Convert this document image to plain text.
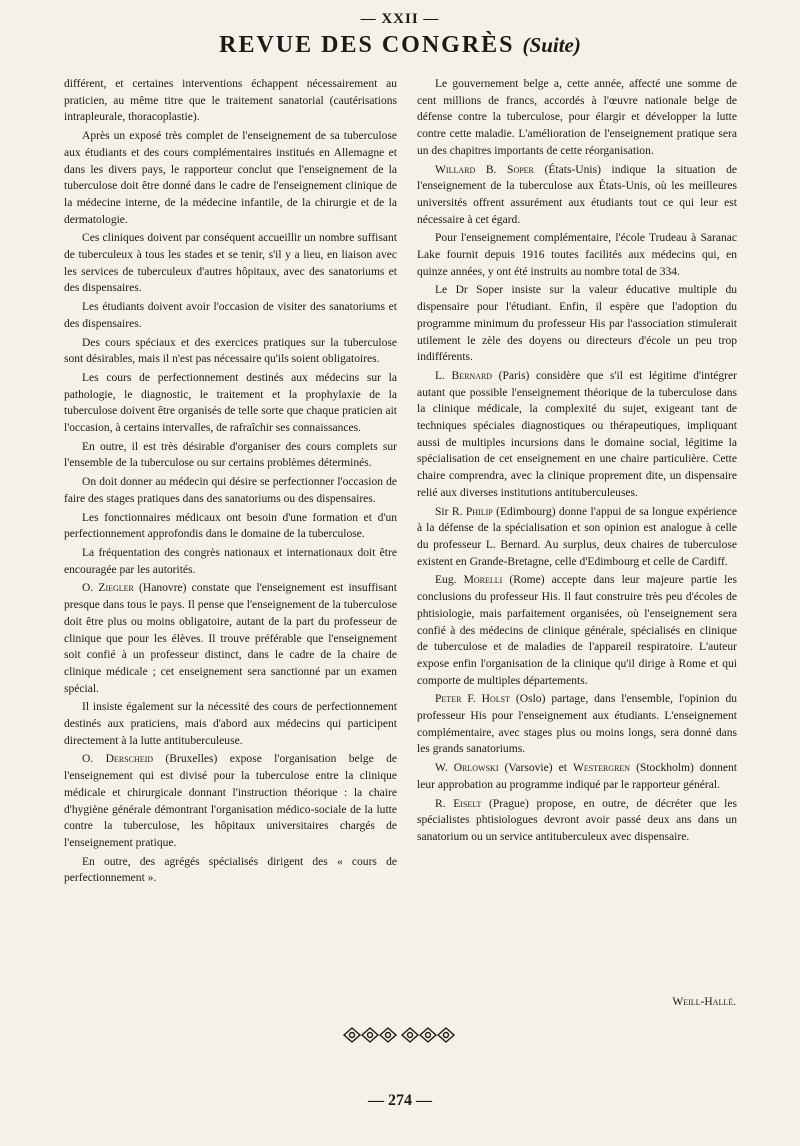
— XXII —
REVUE DES CONGRÈS (Suite)

différent, et certaines interventions échappent nécessairement au praticien, au même titre que le traitement sanatorial (cautérisations intrapleurale, thoracoplastie).

Après un exposé très complet de l'enseignement de sa tuberculose aux étudiants et des cours complémentaires institués en Allemagne et dans les divers pays, le rapporteur conclut que l'enseignement de la tuberculose doit être donné dans le cadre de l'enseignement clinique de la médecine interne, de la médecine infantile, de la chirurgie et de la dermatologie.

Ces cliniques doivent par conséquent accueillir un nombre suffisant de tuberculeux à tous les stades et se tenir, s'il y a lieu, en liaison avec les services de tuberculeux d'autres hôpitaux, avec des sanatoriums et des dispensaires.

Les étudiants doivent avoir l'occasion de visiter des sanatoriums et des dispensaires.

Des cours spéciaux et des exercices pratiques sur la tuberculose sont désirables, mais il n'est pas nécessaire qu'ils soient obligatoires.

Les cours de perfectionnement destinés aux médecins sur la pathologie, le diagnostic, le traitement et la prophylaxie de la tuberculose doivent être organisés de telle sorte que chaque praticien ait l'occasion, à certains intervalles, de rafraîchir ses connaissances.

En outre, il est très désirable d'organiser des cours complets sur l'ensemble de la tuberculose ou sur certains problèmes déterminés.

On doit donner au médecin qui désire se perfectionner l'occasion de faire des stages pratiques dans des sanatoriums ou des dispensaires.

Les fonctionnaires médicaux ont besoin d'une formation et d'un perfectionnement approfondis dans le domaine de la tuberculose.

La fréquentation des congrès nationaux et internationaux doit être encouragée par les autorités.

O. Ziegler (Hanovre) constate que l'enseignement est insuffisant presque dans tous le pays. Il pense que l'enseignement de la tuberculose doit être plus ou moins obligatoire, autant de la part du professeur de clinique que pour les élèves. Il trouve préférable que l'enseignement soit confié à un professeur distinct, dans le cadre de la chaire de clinique médicale ; cet enseignement sera sanctionné par un examen spécial.

Il insiste également sur la nécessité des cours de perfectionnement destinés aux praticiens, mais d'abord aux médecins qui participent directement à la lutte antituberculeuse.

O. Derscheid (Bruxelles) expose l'organisation belge de l'enseignement qui est divisé pour la tuberculose entre la clinique médicale et chirurgicale donnant l'instruction théorique : la chaire d'hygiène générale démontrant l'organisation médico-sociale de la lutte contre la tuberculose, les hôpitaux universitaires chargés de l'enseignement pratique.

En outre, des agrégés spécialisés dirigent des « cours de perfectionnement ».

Le gouvernement belge a, cette année, affecté une somme de cent millions de francs, accordés à l'œuvre nationale belge de défense contre la tuberculose, pour élargir et développer la lutte contre cette maladie. L'amélioration de l'enseignement pratique sera un des chapitres importants de cette réorganisation.

Willard B. Soper (États-Unis) indique la situation de l'enseignement de la tuberculose aux États-Unis, où les meilleures universités offrent assurément aux étudiants tout ce qui leur est nécessaire à cet égard.

Pour l'enseignement complémentaire, l'école Trudeau à Saranac Lake fournit depuis 1916 toutes facilités aux médecins qui, en quinze années, y ont été instruits au nombre total de 334.

Le Dr Soper insiste sur la valeur éducative multiple du dispensaire pour l'étudiant. Enfin, il espère que l'adoption du programme minimum du professeur His par l'association stimulerait utilement le zèle des doyens ou directeurs d'école un peu trop indifférents.

L. Bernard (Paris) considère que s'il est légitime d'intégrer autant que possible l'enseignement théorique de la tuberculose dans la clinique médicale, la complexité du sujet, exigeant tant de techniques spéciales diagnostiques ou thérapeutiques, impliquant aussi de multiples incursions dans le domaine social, légitime la spécialisation de cet enseignement en une chaire particulière. Cette chaire comprendra, avec la clinique proprement dite, un dispensaire relié aux diverses institutions antituberculeuses.

Sir R. Philip (Edimbourg) donne l'appui de sa longue expérience à la défense de la spécialisation et son opinion est analogue à celle du professeur L. Bernard. Au surplus, deux chaires de tuberculose existent en Grande-Bretagne, celle d'Edimbourg et celle de Cardiff.

Eug. Morelli (Rome) accepte dans leur majeure partie les conclusions du professeur His. Il faut construire très peu d'écoles de phtisiologie, mais parfaitement organisées, où l'enseignement sera confié à des médecins de clinique générale, spécialisés en clinique de tuberculose et de maladies de l'appareil respiratoire. L'auteur expose enfin l'organisation de la clinique qu'il dirige à Rome et qui comporte de multiples départements.

Peter F. Holst (Oslo) partage, dans l'ensemble, l'opinion du professeur His pour l'enseignement aux étudiants. L'enseignement complémentaire, avec stages plus ou moins longs, sera donné dans les grands sanatoriums.

W. Orlowski (Varsovie) et Westergren (Stockholm) donnent leur approbation au programme indiqué par le rapporteur général.

R. Eiselt (Prague) propose, en outre, de décréter que les spécialistes phtisiologues devront avoir passé deux ans dans un sanatorium ou un service antituberculeux avec dispensaire.

Weill-Hallé.
— 274 —
